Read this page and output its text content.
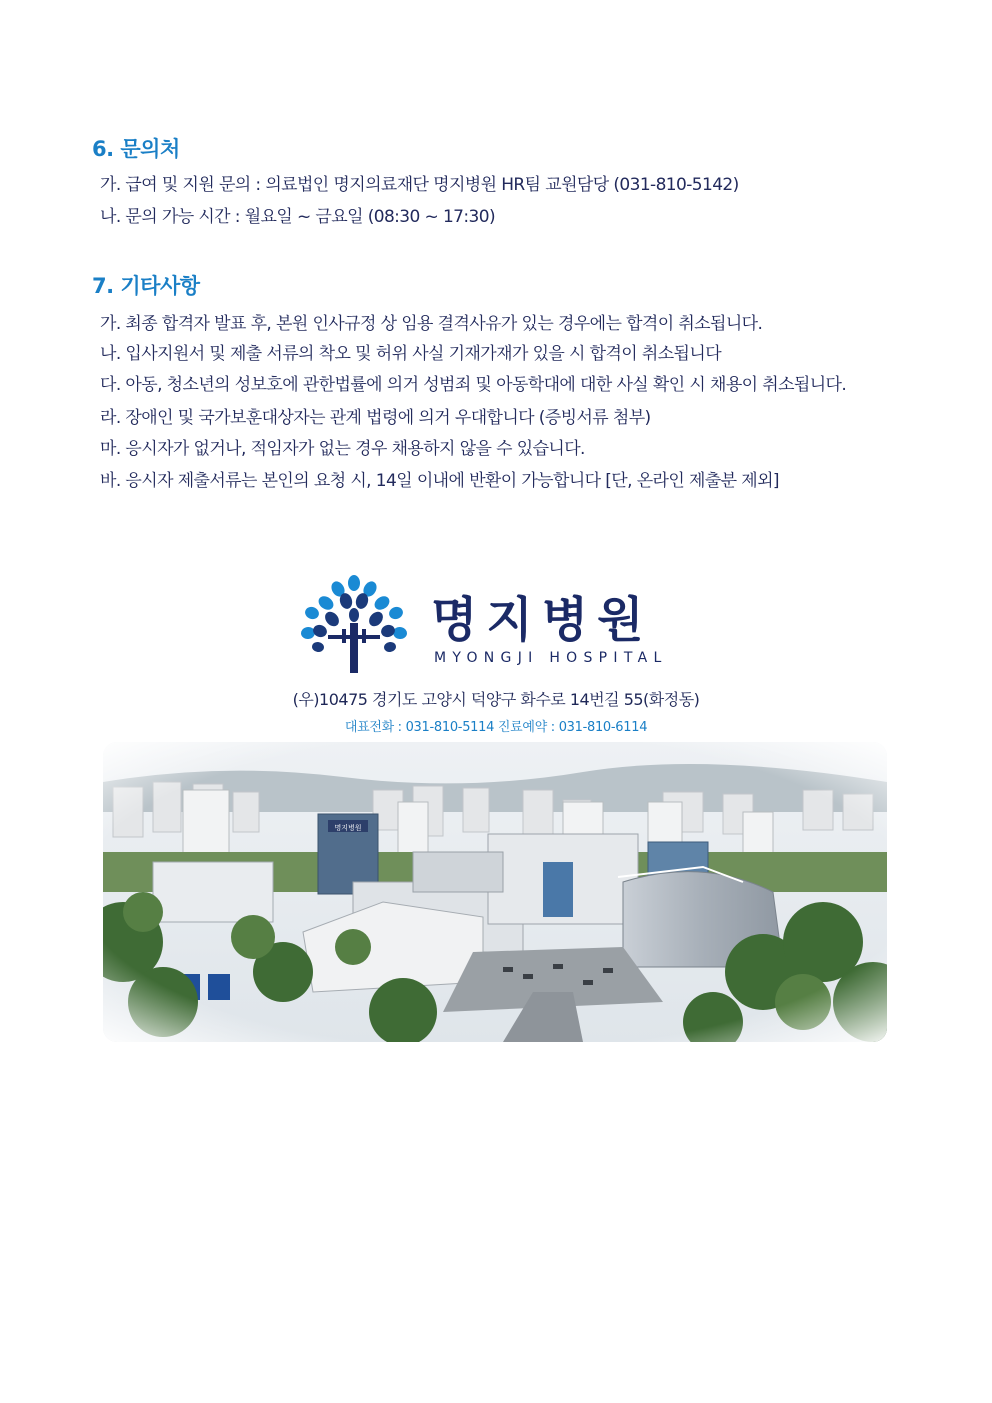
6. 문의처

가. 급여 및 지원 문의 : 의료법인 명지의료재단 명지병원 HR팀 교원담당 (031-810-5142)

나. 문의 가능 시간 : 월요일 ~ 금요일 (08:30 ~ 17:30)

7. 기타사항

가. 최종 합격자 발표 후, 본원 인사규정 상 임용 결격사유가 있는 경우에는 합격이 취소됩니다.

나. 입사지원서 및 제출 서류의 착오 및 허위 사실 기재가재가 있을 시 합격이 취소됩니다

다. 아동, 청소년의 성보호에 관한법률에 의거 성범죄 및 아동학대에 대한 사실 확인 시 채용이 취소됩니다.

라. 장애인 및 국가보훈대상자는 관계 법령에 의거 우대합니다 (증빙서류 첨부)

마. 응시자가 없거나, 적임자가 없는 경우 채용하지 않을 수 있습니다.

바. 응시자 제출서류는 본인의 요청 시, 14일 이내에 반환이 가능합니다 [단, 온라인 제출분 제외]

명지병원
MYONGJI HOSPITAL
(우)10475 경기도 고양시 덕양구 화수로 14번길 55(화정동)
대표전화 : 031-810-5114 진료예약 : 031-810-6114
